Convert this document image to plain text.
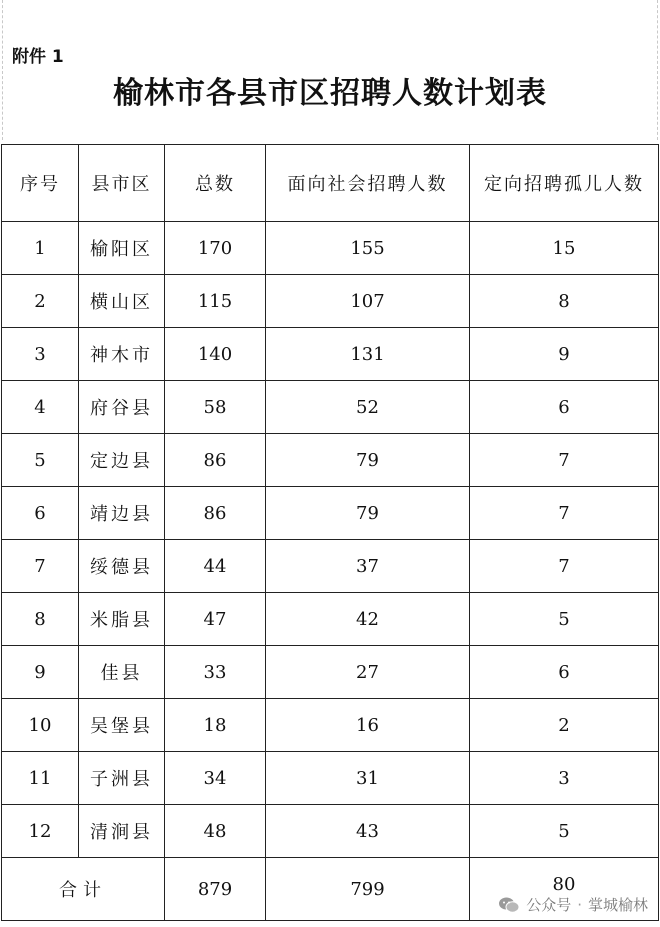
附件 1
榆林市各县市区招聘人数计划表
序号	县市区	总数	面向社会招聘人数	定向招聘孤儿人数
1	榆阳区	170	155	15
2	横山区	115	107	8
3	神木市	140	131	9
4	府谷县	58	52	6
5	定边县	86	79	7
6	靖边县	86	79	7
7	绥德县	44	37	7
8	米脂县	47	42	5
9	佳县	33	27	6
10	吴堡县	18	16	2
11	子洲县	34	31	3
12	清涧县	48	43	5
合计		879	799	80
公众号 · 掌城榆林
